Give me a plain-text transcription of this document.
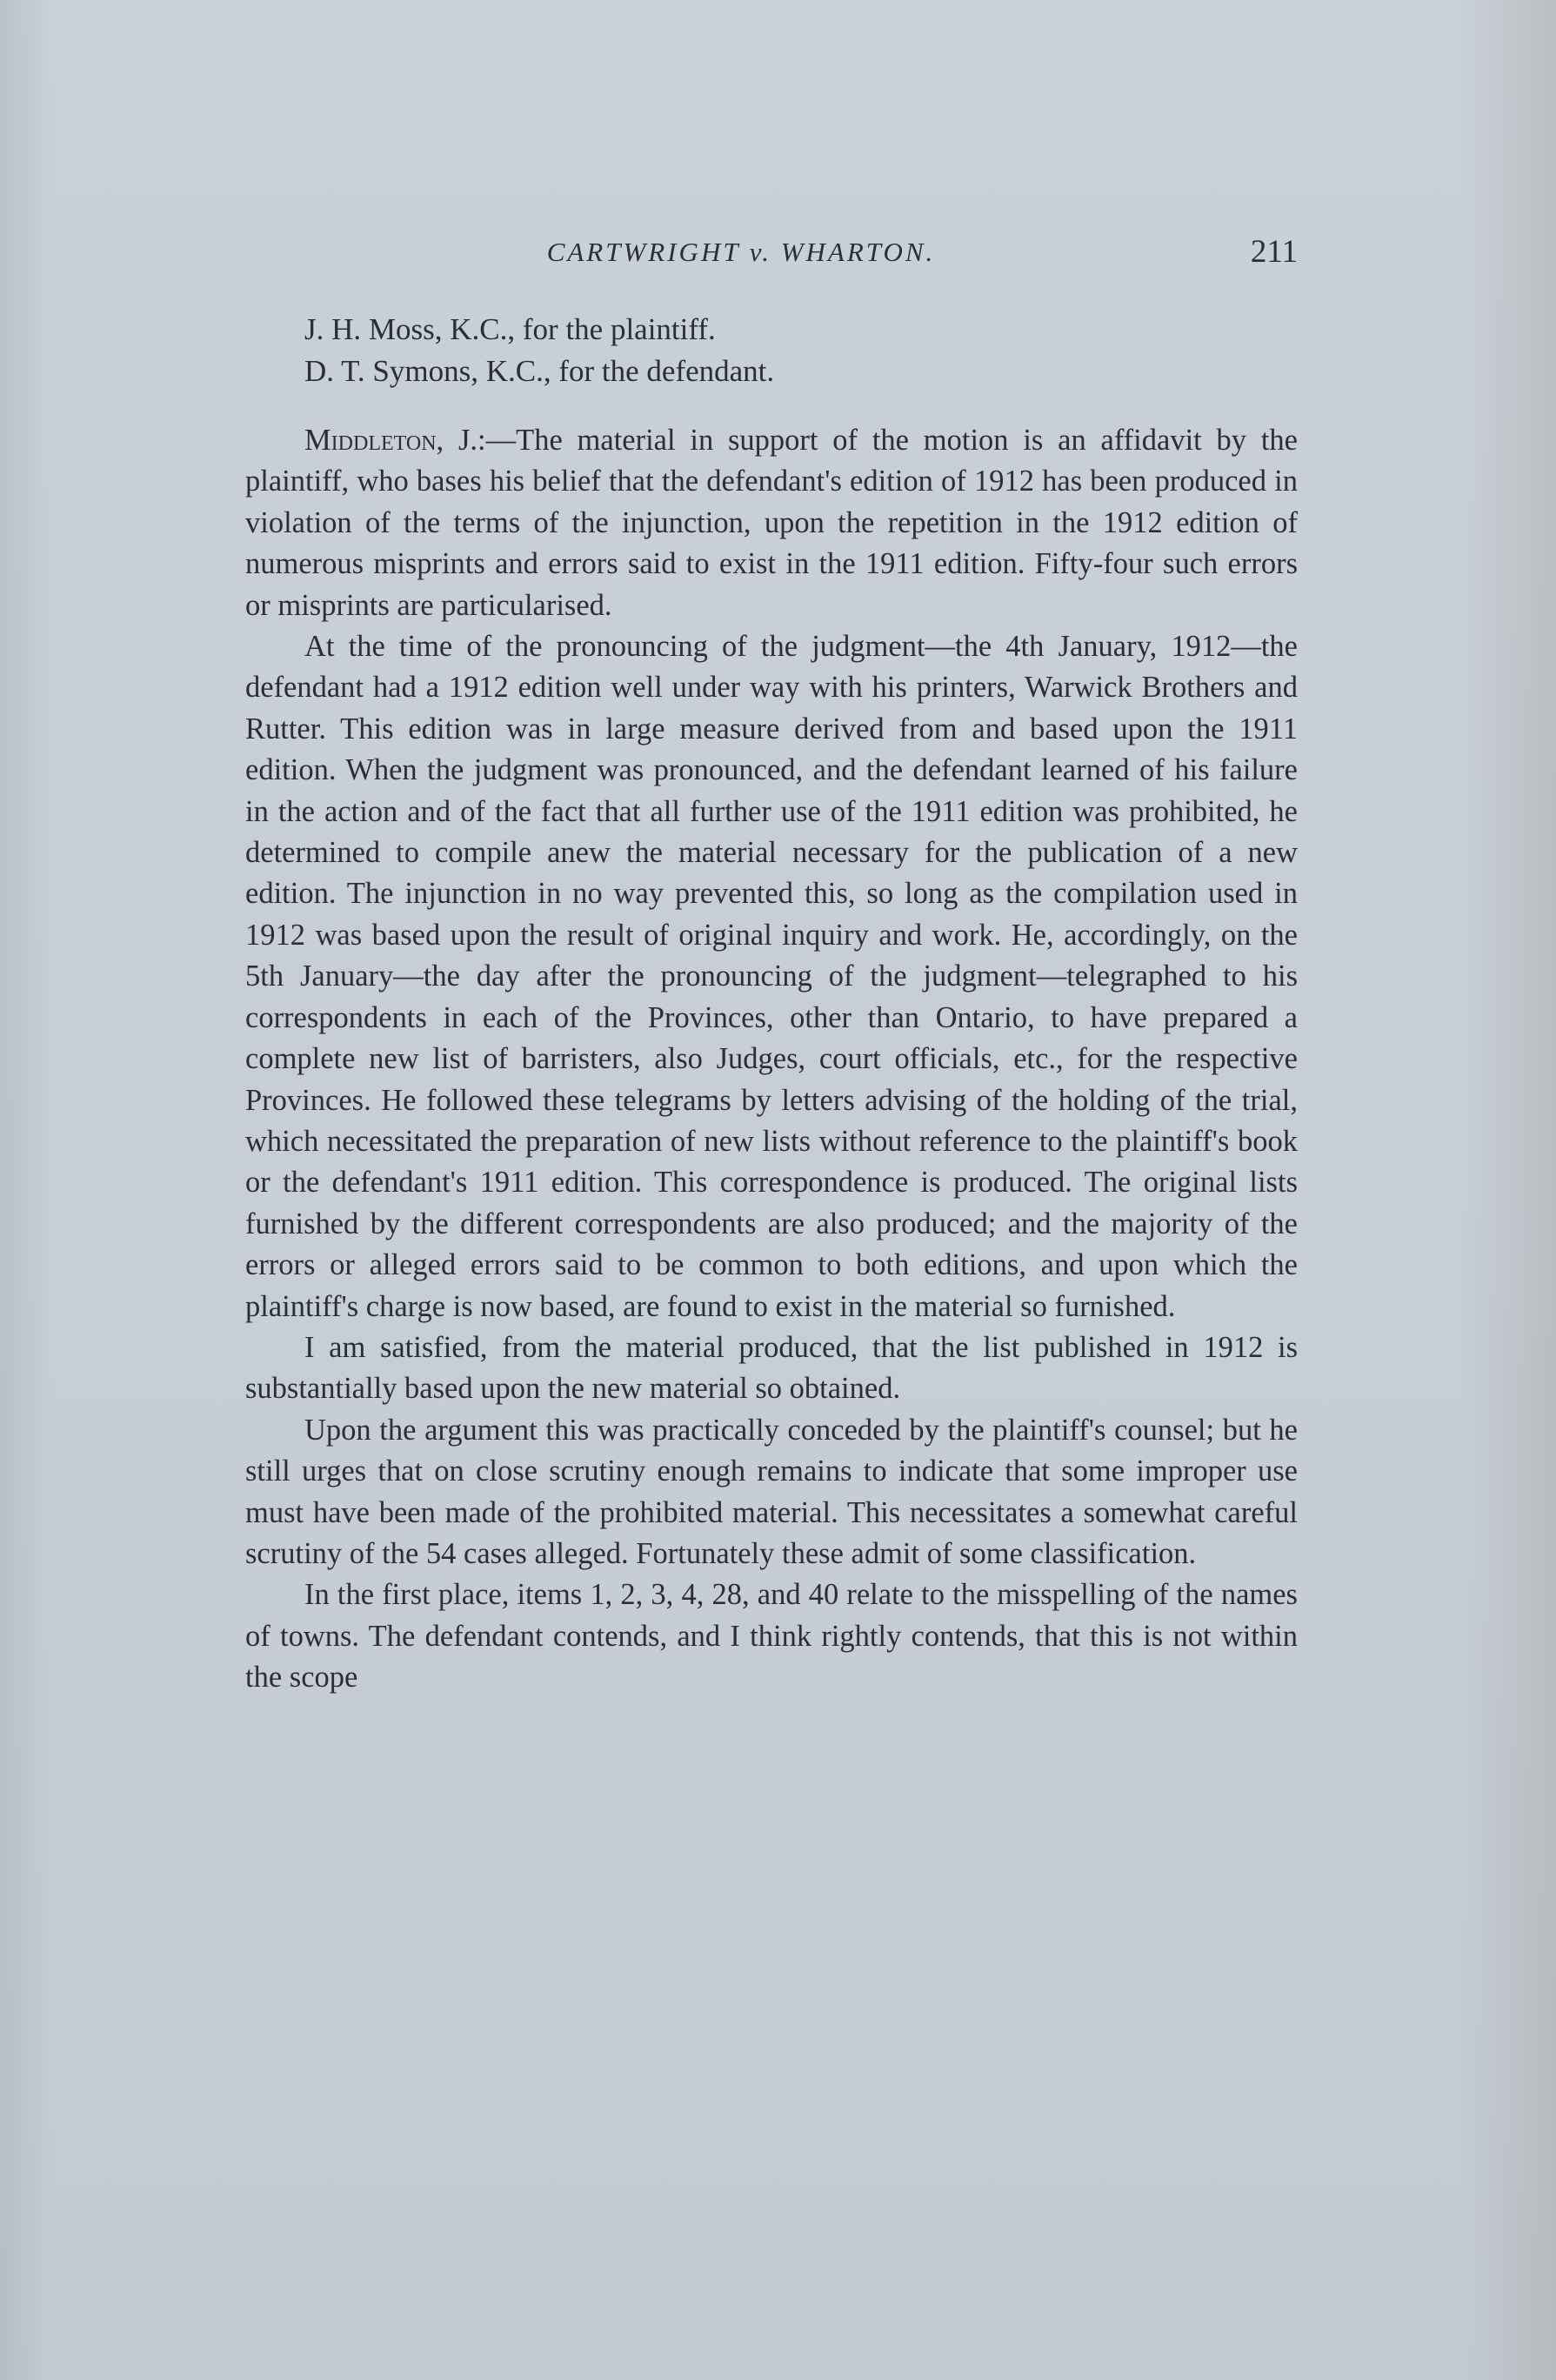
CARTWRIGHT v. WHARTON.	211
J. H. Moss, K.C., for the plaintiff.
D. T. Symons, K.C., for the defendant.

Middleton, J.:—The material in support of the motion is an affidavit by the plaintiff, who bases his belief that the defendant's edition of 1912 has been produced in violation of the terms of the injunction, upon the repetition in the 1912 edition of numerous misprints and errors said to exist in the 1911 edition. Fifty-four such errors or misprints are particularised.

At the time of the pronouncing of the judgment—the 4th January, 1912—the defendant had a 1912 edition well under way with his printers, Warwick Brothers and Rutter. This edition was in large measure derived from and based upon the 1911 edition. When the judgment was pronounced, and the defendant learned of his failure in the action and of the fact that all further use of the 1911 edition was prohibited, he determined to compile anew the material necessary for the publication of a new edition. The injunction in no way prevented this, so long as the compilation used in 1912 was based upon the result of original inquiry and work. He, accordingly, on the 5th January—the day after the pronouncing of the judgment—telegraphed to his correspondents in each of the Provinces, other than Ontario, to have prepared a complete new list of barristers, also Judges, court officials, etc., for the respective Provinces. He followed these telegrams by letters advising of the holding of the trial, which necessitated the preparation of new lists without reference to the plaintiff's book or the defendant's 1911 edition. This correspondence is produced. The original lists furnished by the different correspondents are also produced; and the majority of the errors or alleged errors said to be common to both editions, and upon which the plaintiff's charge is now based, are found to exist in the material so furnished.

I am satisfied, from the material produced, that the list published in 1912 is substantially based upon the new material so obtained.

Upon the argument this was practically conceded by the plaintiff's counsel; but he still urges that on close scrutiny enough remains to indicate that some improper use must have been made of the prohibited material. This necessitates a somewhat careful scrutiny of the 54 cases alleged. Fortunately these admit of some classification.

In the first place, items 1, 2, 3, 4, 28, and 40 relate to the misspelling of the names of towns. The defendant contends, and I think rightly contends, that this is not within the scope
